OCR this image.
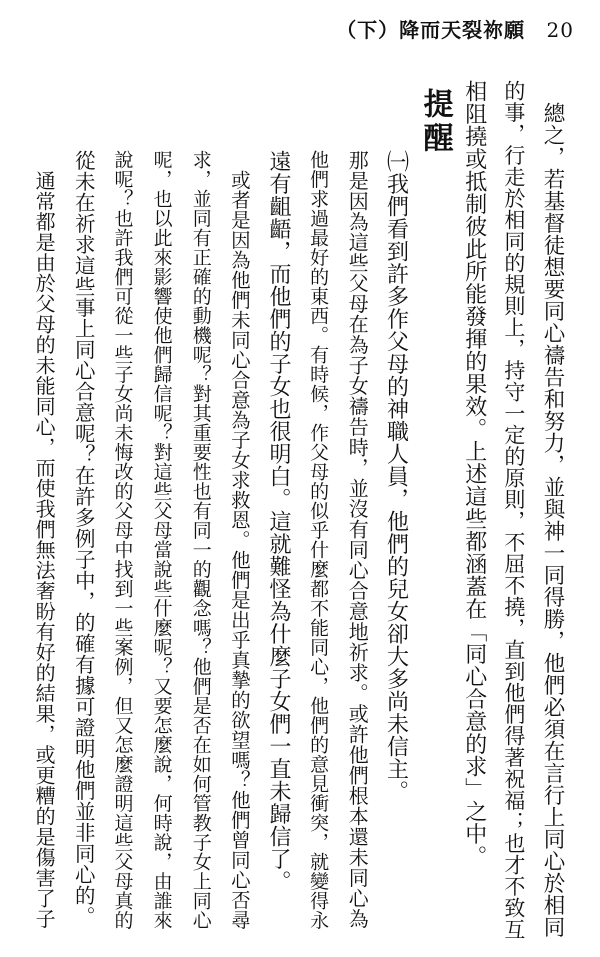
（下）降而天裂祢願 20
　總之，若基督徒想要同心禱告和努力，並與神一同得勝，他們必須在言行上同心於相同
的事，行走於相同的規則上，持守一定的原則，不屈不撓，直到他們得著祝福；也才不致互
相阻撓或抵制彼此所能發揮的果效。上述這些都涵蓋在「同心合意的求」之中。
提醒
㈠我們看到許多作父母的神職人員，他們的兒女卻大多尚未信主。
那是因為這些父母在為子女禱告時，並沒有同心合意地祈求。或許他們根本還未同心為
他們求過最好的東西。有時候，作父母的似乎什麼都不能同心，他們的意見衝突，就變得永
遠有齟齬，而他們的子女也很明白。這就難怪為什麼子女們一直未歸信了。
　或者是因為他們未同心合意為子女求救恩。他們是出乎真摯的欲望嗎？他們曾同心否尋
求，並同有正確的動機呢？對其重要性也有同一的觀念嗎？他們是否在如何管教子女上同心
呢，也以此來影響使他們歸信呢？對這些父母當說些什麼呢？又要怎麼說，何時說，由誰來
說呢？也許我們可從一些子女尚未悔改的父母中找到一些案例，但又怎麼證明這些父母真的
從未在祈求這些事上同心合意呢？在許多例子中，的確有據可證明他們並非同心的。
　通常都是由於父母的未能同心，而使我們無法奢盼有好的結果，或更糟的是傷害了子
